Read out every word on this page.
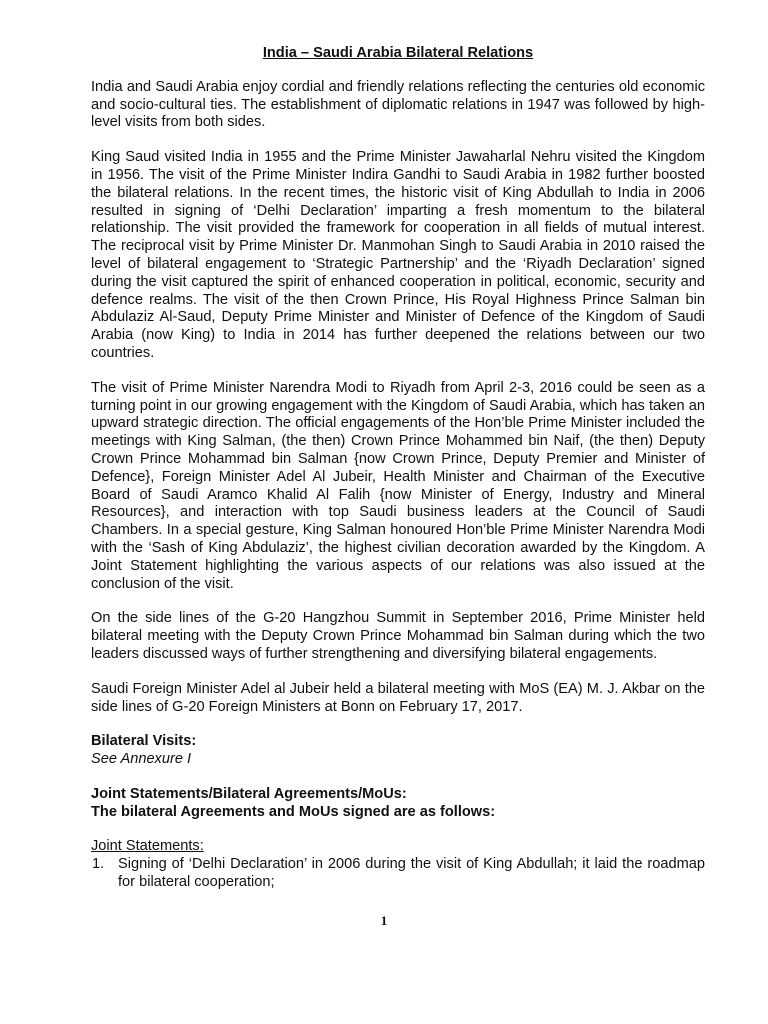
India – Saudi Arabia Bilateral Relations

India and Saudi Arabia enjoy cordial and friendly relations reflecting the centuries old economic and socio-cultural ties. The establishment of diplomatic relations in 1947 was followed by high-level visits from both sides.

King Saud visited India in 1955 and the Prime Minister Jawaharlal Nehru visited the Kingdom in 1956. The visit of the Prime Minister Indira Gandhi to Saudi Arabia in 1982 further boosted the bilateral relations. In the recent times, the historic visit of King Abdullah to India in 2006 resulted in signing of ‘Delhi Declaration’ imparting a fresh momentum to the bilateral relationship. The visit provided the framework for cooperation in all fields of mutual interest. The reciprocal visit by Prime Minister Dr. Manmohan Singh to Saudi Arabia in 2010 raised the level of bilateral engagement to ‘Strategic Partnership’ and the ‘Riyadh Declaration’ signed during the visit captured the spirit of enhanced cooperation in political, economic, security and defence realms. The visit of the then Crown Prince, His Royal Highness Prince Salman bin Abdulaziz Al-Saud, Deputy Prime Minister and Minister of Defence of the Kingdom of Saudi Arabia (now King) to India in 2014 has further deepened the relations between our two countries.

The visit of Prime Minister Narendra Modi to Riyadh from April 2-3, 2016 could be seen as a turning point in our growing engagement with the Kingdom of Saudi Arabia, which has taken an upward strategic direction. The official engagements of the Hon’ble Prime Minister included the meetings with King Salman, (the then) Crown Prince Mohammed bin Naif, (the then) Deputy Crown Prince Mohammad bin Salman {now Crown Prince, Deputy Premier and Minister of Defence}, Foreign Minister Adel Al Jubeir, Health Minister and Chairman of the Executive Board of Saudi Aramco Khalid Al Falih {now Minister of Energy, Industry and Mineral Resources}, and interaction with top Saudi business leaders at the Council of Saudi Chambers. In a special gesture, King Salman honoured Hon’ble Prime Minister Narendra Modi with the ‘Sash of King Abdulaziz’, the highest civilian decoration awarded by the Kingdom. A Joint Statement highlighting the various aspects of our relations was also issued at the conclusion of the visit.

On the side lines of the G-20 Hangzhou Summit in September 2016, Prime Minister held bilateral meeting with the Deputy Crown Prince Mohammad bin Salman during which the two leaders discussed ways of further strengthening and diversifying bilateral engagements.

Saudi Foreign Minister Adel al Jubeir held a bilateral meeting with MoS (EA) M. J. Akbar on the side lines of G-20 Foreign Ministers at Bonn on February 17, 2017.

Bilateral Visits:
See Annexure I
Joint Statements/Bilateral Agreements/MoUs:
The bilateral Agreements and MoUs signed are as follows:
Joint Statements:
1. Signing of ‘Delhi Declaration’ in 2006 during the visit of King Abdullah; it laid the roadmap for bilateral cooperation;
1
